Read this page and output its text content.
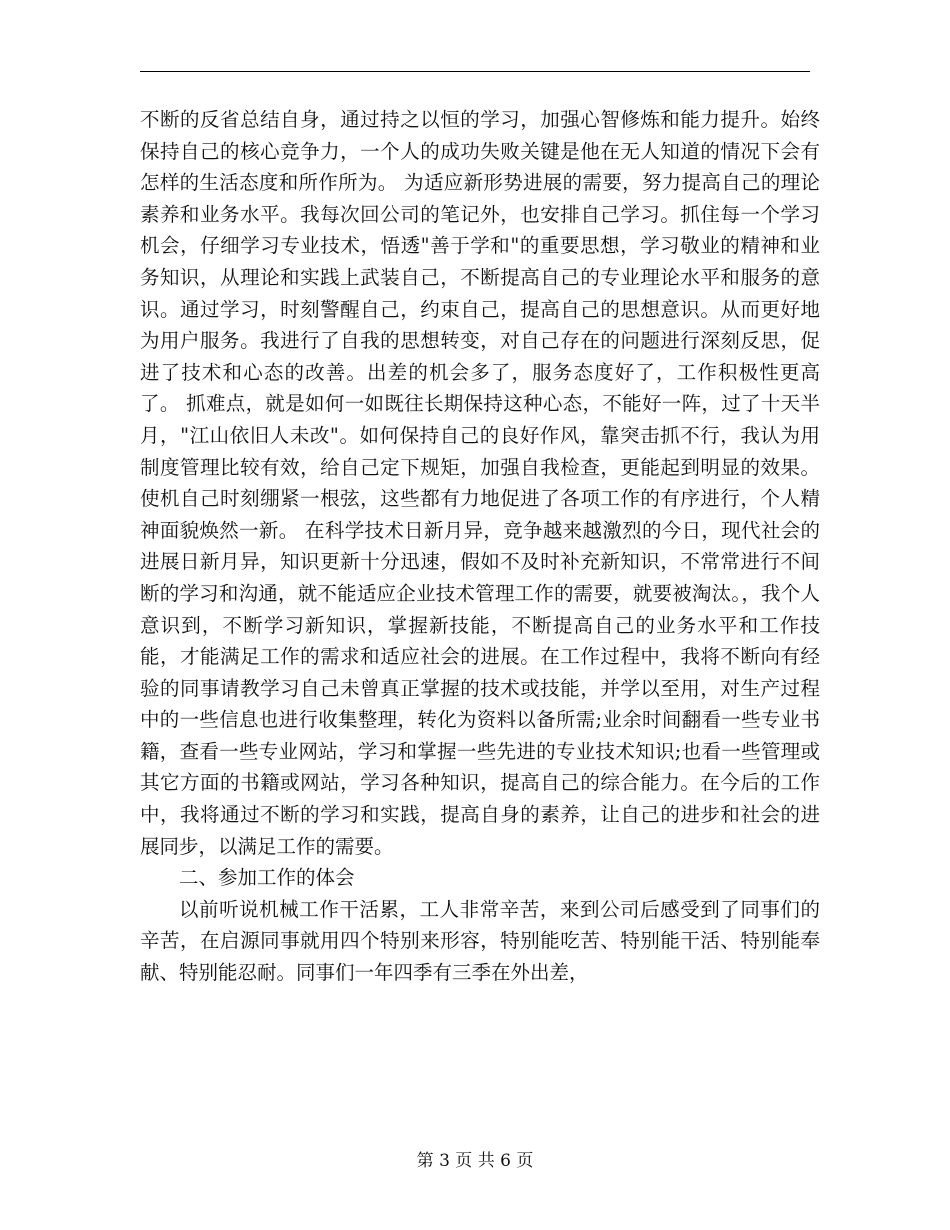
不断的反省总结自身，通过持之以恒的学习，加强心智修炼和能力提升。始终保持自己的核心竞争力，一个人的成功失败关键是他在无人知道的情况下会有怎样的生活态度和所作所为。 为适应新形势进展的需要，努力提高自己的理论素养和业务水平。我每次回公司的笔记外，也安排自己学习。抓住每一个学习机会，仔细学习专业技术，悟透"善于学和"的重要思想，学习敬业的精神和业务知识，从理论和实践上武装自己，不断提高自己的专业理论水平和服务的意识。通过学习，时刻警醒自己，约束自己，提高自己的思想意识。从而更好地为用户服务。我进行了自我的思想转变，对自己存在的问题进行深刻反思，促进了技术和心态的改善。出差的机会多了，服务态度好了，工作积极性更高了。 抓难点，就是如何一如既往长期保持这种心态，不能好一阵，过了十天半月，"江山依旧人未改"。如何保持自己的良好作风，靠突击抓不行，我认为用制度管理比较有效，给自己定下规矩，加强自我检查，更能起到明显的效果。使机自己时刻绷紧一根弦，这些都有力地促进了各项工作的有序进行，个人精神面貌焕然一新。 在科学技术日新月异，竞争越来越激烈的今日，现代社会的进展日新月异，知识更新十分迅速，假如不及时补充新知识，不常常进行不间断的学习和沟通，就不能适应企业技术管理工作的需要，就要被淘汰。，我个人意识到，不断学习新知识，掌握新技能，不断提高自己的业务水平和工作技能，才能满足工作的需求和适应社会的进展。在工作过程中，我将不断向有经验的同事请教学习自己未曾真正掌握的技术或技能，并学以至用，对生产过程中的一些信息也进行收集整理，转化为资料以备所需;业余时间翻看一些专业书籍，查看一些专业网站，学习和掌握一些先进的专业技术知识;也看一些管理或其它方面的书籍或网站，学习各种知识，提高自己的综合能力。在今后的工作中，我将通过不断的学习和实践，提高自身的素养，让自己的进步和社会的进展同步，以满足工作的需要。

二、参加工作的体会

以前听说机械工作干活累，工人非常辛苦，来到公司后感受到了同事们的辛苦，在启源同事就用四个特别来形容，特别能吃苦、特别能干活、特别能奉献、特别能忍耐。同事们一年四季有三季在外出差，

第 3 页 共 6 页
